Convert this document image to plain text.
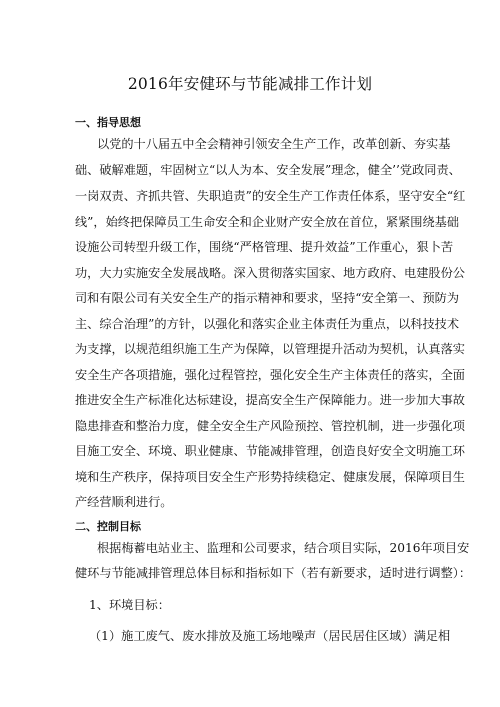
2016年安健环与节能减排工作计划
一、指导思想
以党的十八届五中全会精神引领安全生产工作，改革创新、夯实基
础、破解难题，牢固树立“以人为本、安全发展”理念，健全’’党政同责、
一岗双责、齐抓共管、失职追责”的安全生产工作责任体系，坚守安全“红
线”，始终把保障员工生命安全和企业财产安全放在首位，紧紧围绕基础
设施公司转型升级工作，围绕“严格管理、提升效益”工作重心，狠卜苦
功，大力实施安全发展战略。深入贯彻落实国家、地方政府、电建股份公
司和有限公司有关安全生产的指示精神和要求，坚持“安全第一、预防为
主、综合治理”的方针，以强化和落实企业主体责任为重点，以科技技术
为支撑，以规范组织施工生产为保障，以管理提升活动为契机，认真落实
安全生产各项措施，强化过程管控，强化安全生产主体责任的落实，全面
推进安全生产标准化达标建设，提高安全生产保障能力。进一步加大事故
隐患排查和整治力度，健全安全生产风险预控、管控机制，进一步强化项
目施工安全、环境、职业健康、节能减排管理，创造良好安全文明施工环
境和生产秩序，保持项目安全生产形势持续稳定、健康发展，保障项目生
产经营顺利进行。
二、控制目标
根据梅蓄电站业主、监理和公司要求，结合项目实际，2016年项目安
健环与节能减排管理总体目标和指标如下（若有新要求，适时进行调整）：
1、环境目标：
（1）施工废气、废水排放及施工场地噪声（居民居住区域）满足相
